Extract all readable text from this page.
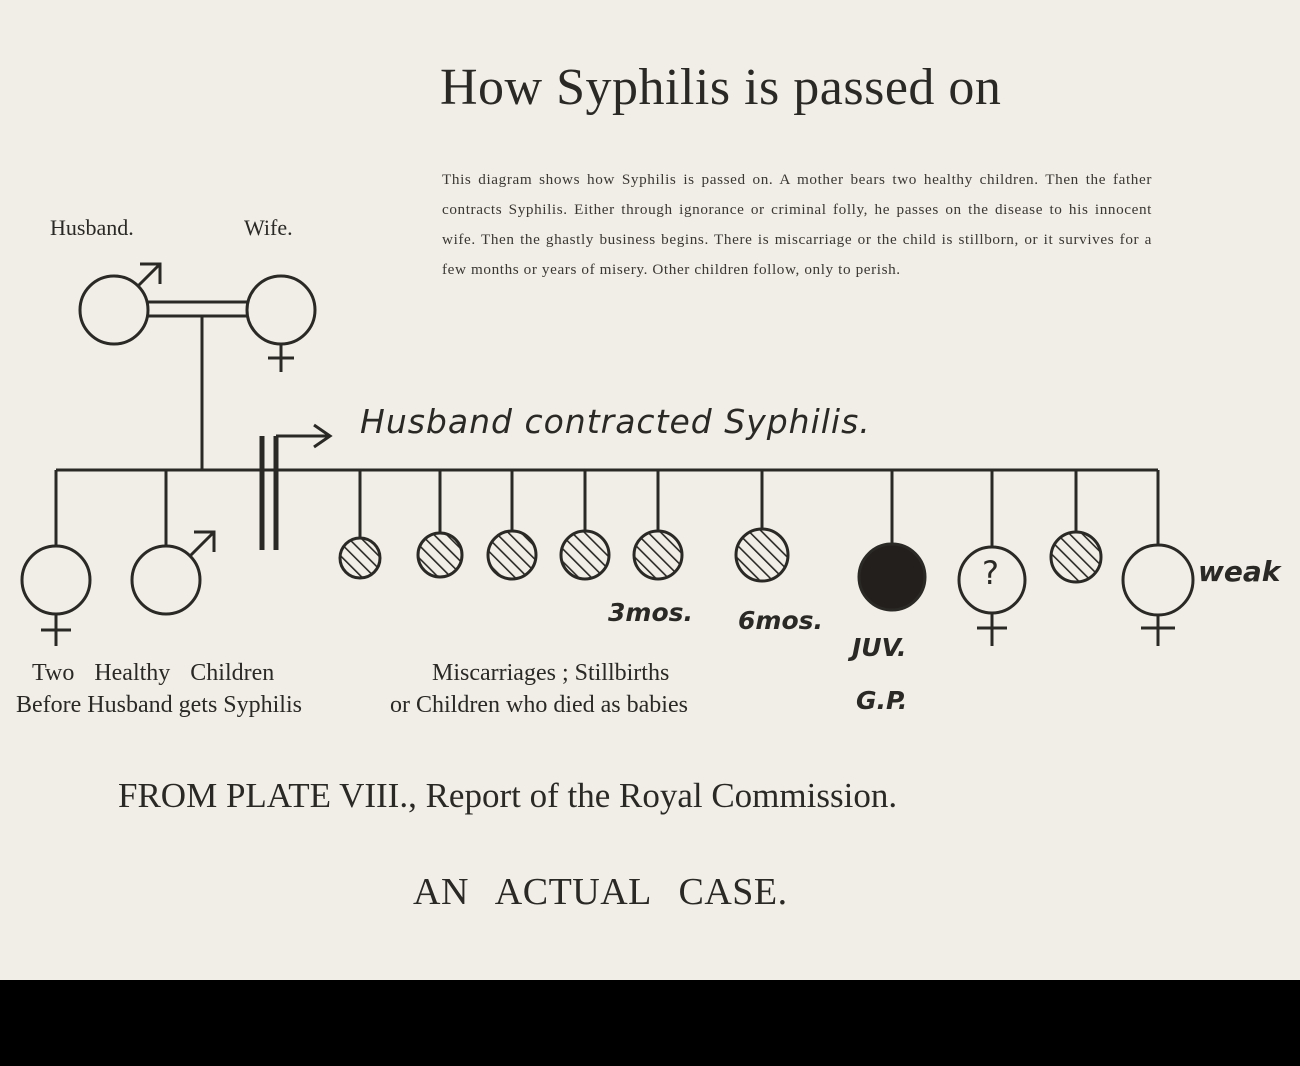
How Syphilis is passed on
This diagram shows how Syphilis is passed on. A mother bears two healthy children. Then the father contracts Syphilis. Either through ignorance or criminal folly, he passes on the disease to his innocent wife. Then the ghastly business begins. There is miscarriage or the child is stillborn, or it survives for a few months or years of misery. Other children follow, only to perish.
Husband.	Wife.
Husband contracted Syphilis.
3mos. 6mos.
JUV.
G.P.
weak
?
Two Healthy Children
Before Husband gets Syphilis
Miscarriages ; Stillbirths
or Children who died as babies
FROM PLATE VIII., Report of the Royal Commission.
AN ACTUAL CASE.
